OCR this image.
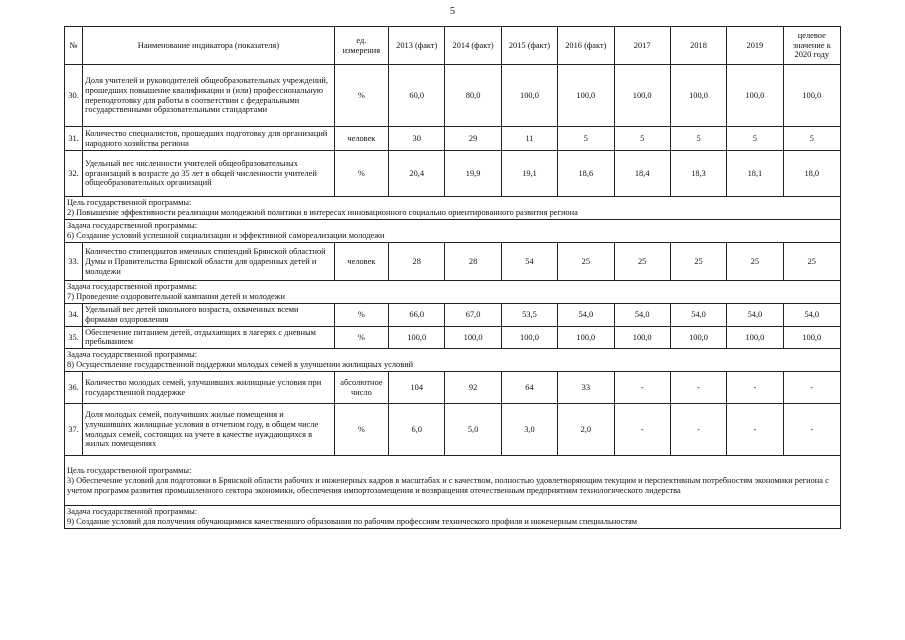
5
№	Наименование индикатора (показателя)	ед. измерения	2013 (факт)	2014 (факт)	2015 (факт)	2016 (факт)	2017	2018	2019	целевое значение к 2020 году
30.	Доля учителей и руководителей общеобразовательных учреждений, прошедших повышение квалификации и (или) профессиональную переподготовку для работы в соответствии с федеральными государственными образовательными стандартами	%	60,0	80,0	100,0	100,0	100,0	100,0	100,0	100,0
31.	Количество специалистов, прошедших подготовку для организаций народного хозяйства региона	человек	30	29	11	5	5	5	5	5
32.	Удельный вес численности учителей общеобразовательных организаций в возрасте до 35 лет в общей численности учителей общеобразовательных организаций	%	20,4	19,9	19,1	18,6	18,4	18,3	18,1	18,0

Цель государственной программы:
2) Повышение эффективности реализации молодежной политики в интересах инновационного социально ориентированного развития региона										

Задача государственной программы:
6) Создание условий успешной социализации и эффективной самореализации молодежи										

33.	Количество стипендиатов именных стипендий Брянской областной Думы и Правительства Брянской области для одаренных детей и молодежи	человек	28	28	54	25	25	25	25	25

Задача государственной программы:
7) Проведение оздоровительной кампании детей и молодежи										

34.	Удельный вес детей школьного возраста, охваченных всеми формами оздоровления	%	66,0	67,0	53,5	54,0	54,0	54,0	54,0	54,0
35.	Обеспечение питанием детей, отдыхающих в лагерях с дневным пребыванием	%	100,0	100,0	100,0	100,0	100,0	100,0	100,0	100,0

Задача государственной программы:
8) Осуществление государственной поддержки молодых семей в улучшении жилищных условий										

36.	Количество молодых семей, улучшивших жилищные условия при государственной поддержке	абсолютное число	104	92	64	33	-	-	-	-
37.	Доля молодых семей, получивших жилые помещения и улучшивших жилищные условия в отчетном году, в общем числе молодых семей, состоящих на учете в качестве нуждающихся в жилых помещениях	%	6,0	5,0	3,0	2,0	-	-	-	-

Цель государственной программы:
3) Обеспечение условий для подготовки в Брянской области рабочих и инженерных кадров в масштабах и с качеством, полностью удовлетворяющим текущим и перспективным потребностям экономики региона с учетом программ развития промышленного сектора экономики, обеспечения импортозамещения и возвращения отечественным предприятиям технологического лидерства										

Задача государственной программы:
9) Создание условий для получения обучающимися качественного образования по рабочим профессиям технического профиля и инженерным специальностям										
